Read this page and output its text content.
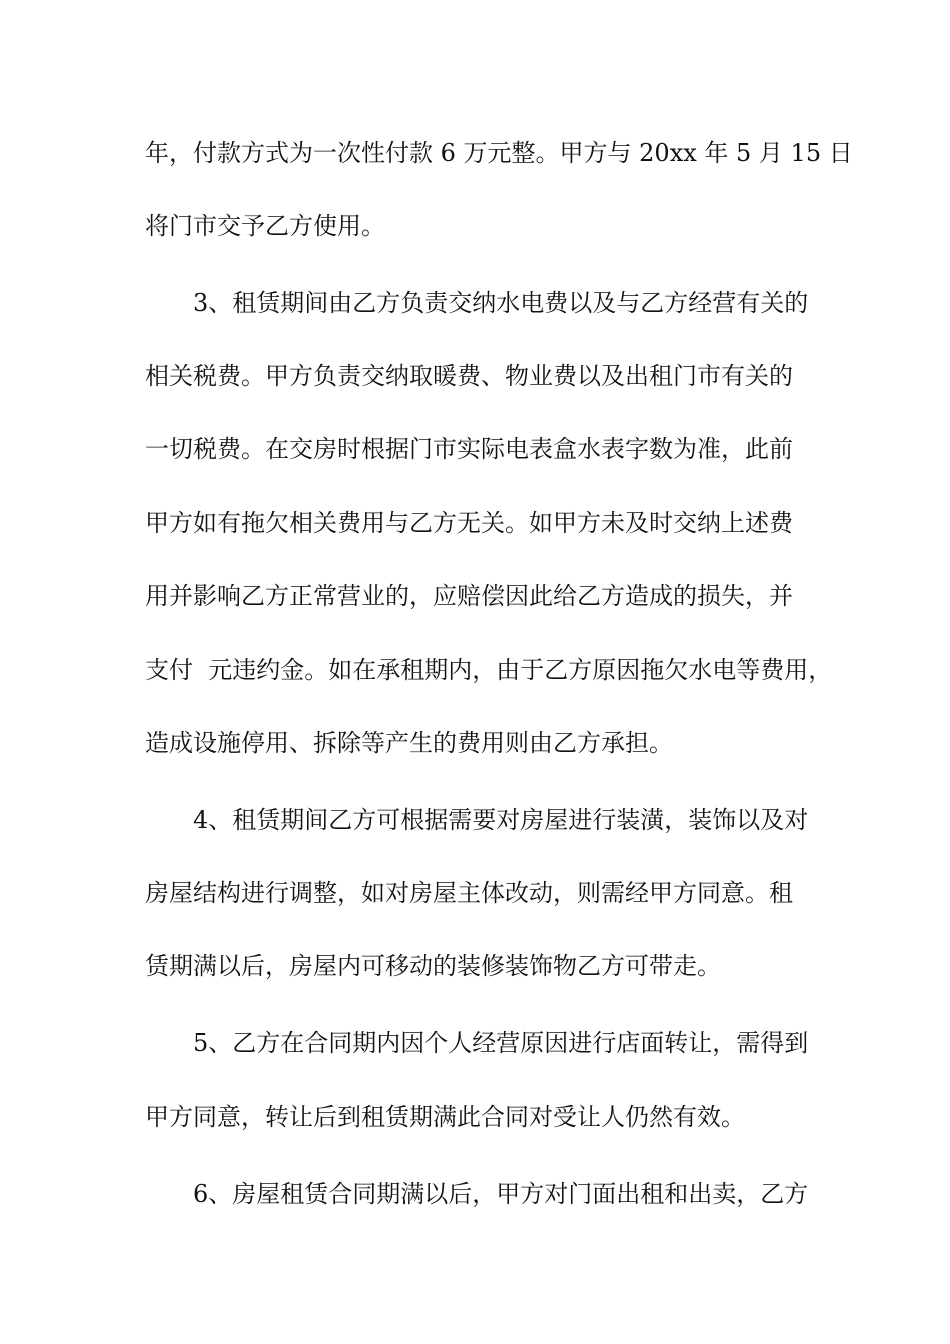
年，付款方式为一次性付款 6 万元整。甲方与 20xx 年 5 月 15 日
将门市交予乙方使用。
3、租赁期间由乙方负责交纳水电费以及与乙方经营有关的
相关税费。甲方负责交纳取暖费、物业费以及出租门市有关的
一切税费。在交房时根据门市实际电表盒水表字数为准，此前
甲方如有拖欠相关费用与乙方无关。如甲方未及时交纳上述费
用并影响乙方正常营业的，应赔偿因此给乙方造成的损失，并
支付  元违约金。如在承租期内，由于乙方原因拖欠水电等费用，
造成设施停用、拆除等产生的费用则由乙方承担。
4、租赁期间乙方可根据需要对房屋进行装潢，装饰以及对
房屋结构进行调整，如对房屋主体改动，则需经甲方同意。租
赁期满以后，房屋内可移动的装修装饰物乙方可带走。
5、乙方在合同期内因个人经营原因进行店面转让，需得到
甲方同意，转让后到租赁期满此合同对受让人仍然有效。
6、房屋租赁合同期满以后，甲方对门面出租和出卖，乙方
